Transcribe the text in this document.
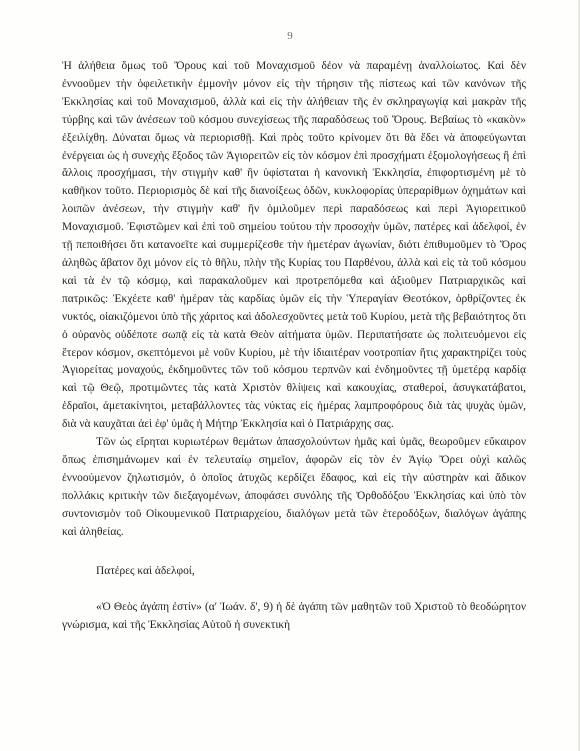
9

Ἡ ἀλήθεια ὅμως τοῦ Ὄρους καὶ τοῦ Μοναχισμοῦ δέον νὰ παραμένῃ ἀναλλοίωτος. Καὶ δὲν ἐννοοῦμεν τὴν ὀφειλετικὴν ἐμμονὴν μόνον εἰς τὴν τήρησιν τῆς πίστεως καὶ τῶν κανόνων τῆς Ἐκκλησίας καὶ τοῦ Μοναχισμοῦ, ἀλλὰ καὶ εἰς τὴν ἀλήθειαν τῆς ἐν σκληραγωγίᾳ καὶ μακρὰν τῆς τύρβης καὶ τῶν ἀνέσεων τοῦ κόσμου συνεχίσεως τῆς παραδόσεως τοῦ Ὄρους. Βεβαίως τὸ «κακὸν» ἐξειλίχθη. Δύναται ὅμως νὰ περιορισθῇ. Καὶ πρὸς τοῦτο κρίνομεν ὅτι θὰ ἔδει νὰ ἀποφεύγωνται ἐνέργειαι ὡς ἡ συνεχὴς ἔξοδος τῶν Ἁγιορειτῶν εἰς τὸν κόσμον ἐπὶ προσχήματι ἐξομολογήσεως ἢ ἐπὶ ἄλλοις προσχήμασι, τὴν στιγμὴν καθ' ἣν ὑφίσταται ἡ κανονικὴ Ἐκκλησία, ἐπιφορτισμένη μὲ τὸ καθῆκον τοῦτο. Περιορισμὸς δὲ καὶ τῆς διανοίξεως ὁδῶν, κυκλοφορίας ὑπεραρίθμων ὀχημάτων καὶ λοιπῶν ἀνέσεων, τὴν στιγμὴν καθ' ἣν ὁμιλοῦμεν περὶ παραδόσεως καὶ περὶ Ἁγιορειτικοῦ Μοναχισμοῦ. Ἐφιστῶμεν καὶ ἐπὶ τοῦ σημείου τούτου τὴν προσοχὴν ὑμῶν, πατέρες καὶ ἀδελφοί, ἐν τῇ πεποιθήσει ὅτι κατανοεῖτε καὶ συμμερίζεσθε τὴν ἡμετέραν ἀγωνίαν, διότι ἐπιθυμοῦμεν τὸ Ὄρος ἀληθῶς ἄβατον ὄχι μόνον εἰς τὸ θῆλυ, πλὴν τῆς Κυρίας του Παρθένου, ἀλλὰ καὶ εἰς τὰ τοῦ κόσμου καὶ τὰ ἐν τῷ κόσμῳ, καὶ παρακαλοῦμεν καὶ προτρεπόμεθα καὶ ἀξιοῦμεν Πατριαρχικῶς καὶ πατρικῶς: Ἐκχέετε καθ' ἡμέραν τὰς καρδίας ὑμῶν εἰς τὴν Ὑπεραγίαν Θεοτόκον, ὀρθρίζοντες ἐκ νυκτός, οἰακιζόμενοι ὑπὸ τῆς χάριτος καὶ ἀδολεσχοῦντες μετὰ τοῦ Κυρίου, μετὰ τῆς βεβαιότητος ὅτι ὁ οὐρανὸς οὐδέποτε σωπᾷ εἰς τὰ κατὰ Θεὸν αἰτήματα ὑμῶν. Περιπατήσατε ὡς πολιτευόμενοι εἰς ἕτερον κόσμον, σκεπτόμενοι μὲ νοῦν Κυρίου, μὲ τὴν ἰδιαιτέραν νοοτροπίαν ἥτις χαρακτηρίζει τοὺς Ἁγιορείτας μοναχούς, ἐκδημοῦντες τῶν τοῦ κόσμου τερπνῶν καὶ ἐνδημοῦντες τῇ ὑμετέρᾳ καρδίᾳ καὶ τῷ Θεῷ, προτιμῶντες τὰς κατὰ Χριστὸν θλίψεις καὶ κακουχίας, σταθεροί, ἀσυγκατάβατοι, ἑδραῖοι, ἀμετακίνητοι, μεταβάλλοντες τὰς νύκτας εἰς ἡμέρας λαμπροφόρους διὰ τὰς ψυχὰς ὑμῶν, διὰ νὰ καυχᾶται ἀεὶ ἐφ' ὑμᾶς ἡ Μήτηρ Ἐκκλησία καὶ ὁ Πατριάρχης σας.

Τῶν ὡς εἴρηται κυριωτέρων θεμάτων ἀπασχολούντων ἡμᾶς καὶ ὑμᾶς, θεωροῦμεν εὔκαιρον ὅπως ἐπισημάνωμεν καὶ ἐν τελευταίῳ σημεῖον, ἀφορῶν εἰς τὸν ἐν Ἁγίῳ Ὄρει οὐχὶ καλῶς ἐννοούμενον ζηλωτισμόν, ὁ ὁποῖος ἀτυχῶς κερδίζει ἔδαφος, καὶ εἰς τὴν αὐστηρὰν καὶ ἄδικον πολλάκις κριτικὴν τῶν διεξαγομένων, ἀποφάσει συνόλης τῆς Ὀρθοδόξου Ἐκκλησίας καὶ ὑπὸ τὸν συντονισμὸν τοῦ Οἰκουμενικοῦ Πατριαρχείου, διαλόγων μετὰ τῶν ἑτεροδόξων, διαλόγων ἀγάπης καὶ ἀληθείας.

Πατέρες καὶ ἀδελφοί,

«Ὁ Θεὸς ἀγάπη ἐστίν» (α' Ἰωάν. δ', 9) ἡ δὲ ἀγάπη τῶν μαθητῶν τοῦ Χριστοῦ τὸ θεοδώρητον γνώρισμα, καὶ τῆς Ἐκκλησίας Αὐτοῦ ἡ συνεκτικὴ
